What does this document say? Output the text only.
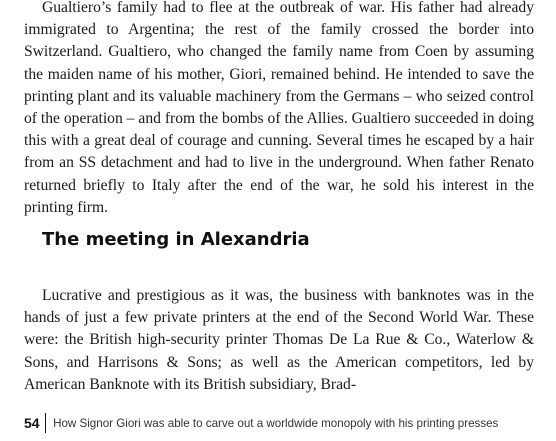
Gualtiero’s family had to flee at the outbreak of war. His father had already immigrated to Argentina; the rest of the family crossed the border into Switzerland. Gualtiero, who changed the family name from Coen by assuming the maiden name of his mother, Giori, remained behind. He intended to save the printing plant and its valuable machinery from the Germans – who seized control of the operation – and from the bombs of the Allies. Gualtiero succeeded in doing this with a great deal of courage and cunning. Several times he escaped by a hair from an SS detachment and had to live in the underground. When father Renato returned briefly to Italy after the end of the war, he sold his interest in the printing firm.

The meeting in Alexandria

Lucrative and prestigious as it was, the business with banknotes was in the hands of just a few private printers at the end of the Second World War. These were: the British high-security printer Thomas De La Rue & Co., Waterlow & Sons, and Harrisons & Sons; as well as the American competitors, led by American Banknote with its British subsidiary, Brad-

54 How Signor Giori was able to carve out a worldwide monopoly with his printing presses
